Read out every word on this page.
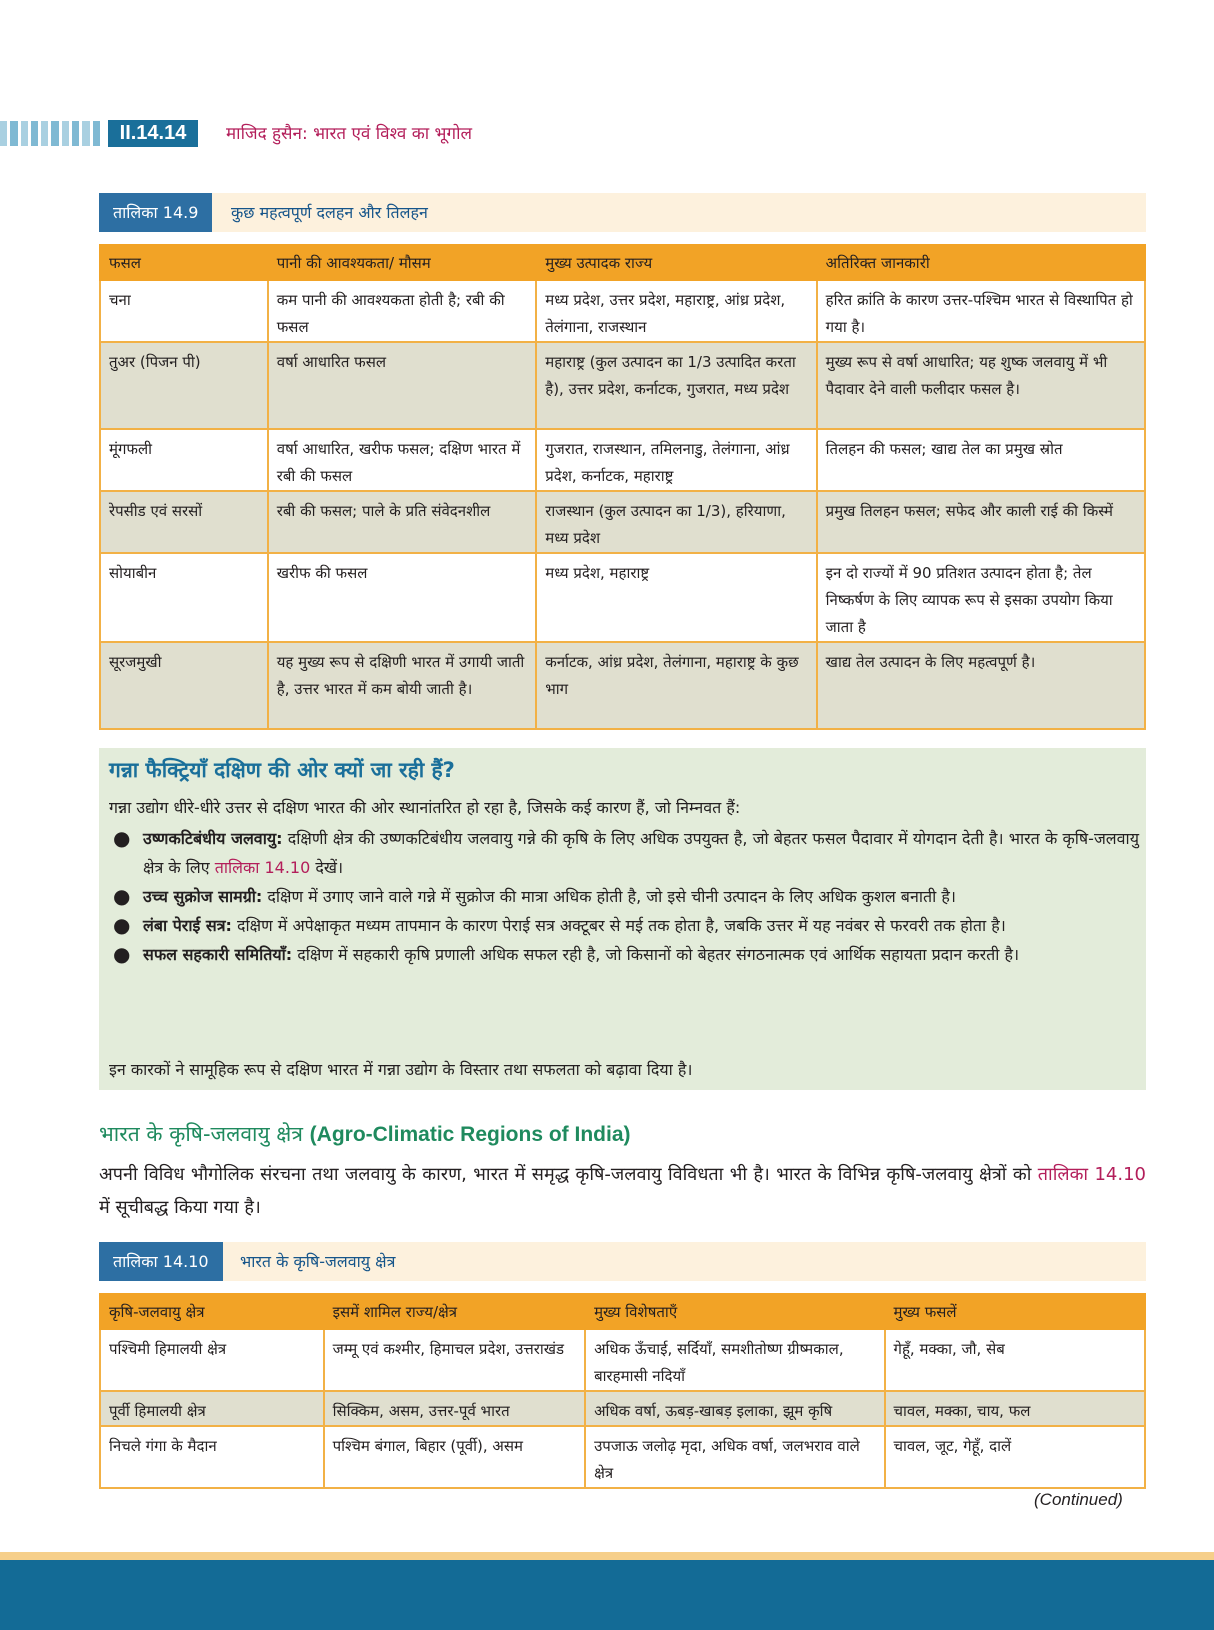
II.14.14	माजिद हुसैन: भारत एवं विश्व का भूगोल
तालिका 14.9	कुछ महत्वपूर्ण दलहन और तिलहन
फसल	पानी की आवश्यकता/ मौसम	मुख्य उत्पादक राज्य	अतिरिक्त जानकारी
चना	कम पानी की आवश्यकता होती है; रबी की फसल	मध्य प्रदेश, उत्तर प्रदेश, महाराष्ट्र, आंध्र प्रदेश, तेलंगाना, राजस्थान	हरित क्रांति के कारण उत्तर-पश्चिम भारत से विस्थापित हो गया है।
तुअर (पिजन पी)	वर्षा आधारित फसल	महाराष्ट्र (कुल उत्पादन का 1/3 उत्पादित करता है), उत्तर प्रदेश, कर्नाटक, गुजरात, मध्य प्रदेश	मुख्य रूप से वर्षा आधारित; यह शुष्क जलवायु में भी पैदावार देने वाली फलीदार फसल है।
मूंगफली	वर्षा आधारित, खरीफ फसल; दक्षिण भारत में रबी की फसल	गुजरात, राजस्थान, तमिलनाडु, तेलंगाना, आंध्र प्रदेश, कर्नाटक, महाराष्ट्र	तिलहन की फसल; खाद्य तेल का प्रमुख स्रोत
रेपसीड एवं सरसों	रबी की फसल; पाले के प्रति संवेदनशील	राजस्थान (कुल उत्पादन का 1/3), हरियाणा, मध्य प्रदेश	प्रमुख तिलहन फसल; सफेद और काली राई की किस्में
सोयाबीन	खरीफ की फसल	मध्य प्रदेश, महाराष्ट्र	इन दो राज्यों में 90 प्रतिशत उत्पादन होता है; तेल निष्कर्षण के लिए व्यापक रूप से इसका उपयोग किया जाता है
सूरजमुखी	यह मुख्य रूप से दक्षिणी भारत में उगायी जाती है, उत्तर भारत में कम बोयी जाती है।	कर्नाटक, आंध्र प्रदेश, तेलंगाना, महाराष्ट्र के कुछ भाग	खाद्य तेल उत्पादन के लिए महत्वपूर्ण है।
गन्ना फैक्ट्रियाँ दक्षिण की ओर क्यों जा रही हैं?
गन्ना उद्योग धीरे-धीरे उत्तर से दक्षिण भारत की ओर स्थानांतरित हो रहा है, जिसके कई कारण हैं, जो निम्नवत हैं:
● उष्णकटिबंधीय जलवायु: दक्षिणी क्षेत्र की उष्णकटिबंधीय जलवायु गन्ने की कृषि के लिए अधिक उपयुक्त है, जो बेहतर फसल पैदावार में योगदान देती है। भारत के कृषि-जलवायु क्षेत्र के लिए तालिका 14.10 देखें।
● उच्च सुक्रोज सामग्री: दक्षिण में उगाए जाने वाले गन्ने में सुक्रोज की मात्रा अधिक होती है, जो इसे चीनी उत्पादन के लिए अधिक कुशल बनाती है।
● लंबा पेराई सत्र: दक्षिण में अपेक्षाकृत मध्यम तापमान के कारण पेराई सत्र अक्टूबर से मई तक होता है, जबकि उत्तर में यह नवंबर से फरवरी तक होता है।
● सफल सहकारी समितियाँ: दक्षिण में सहकारी कृषि प्रणाली अधिक सफल रही है, जो किसानों को बेहतर संगठनात्मक एवं आर्थिक सहायता प्रदान करती है।
इन कारकों ने सामूहिक रूप से दक्षिण भारत में गन्ना उद्योग के विस्तार तथा सफलता को बढ़ावा दिया है।
भारत के कृषि-जलवायु क्षेत्र (Agro-Climatic Regions of India)
अपनी विविध भौगोलिक संरचना तथा जलवायु के कारण, भारत में समृद्ध कृषि-जलवायु विविधता भी है। भारत के विभिन्न कृषि-जलवायु क्षेत्रों को तालिका 14.10 में सूचीबद्ध किया गया है।
तालिका 14.10	भारत के कृषि-जलवायु क्षेत्र
कृषि-जलवायु क्षेत्र	इसमें शामिल राज्य/क्षेत्र	मुख्य विशेषताएँ	मुख्य फसलें
पश्चिमी हिमालयी क्षेत्र	जम्मू एवं कश्मीर, हिमाचल प्रदेश, उत्तराखंड	अधिक ऊँचाई, सर्दियाँ, समशीतोष्ण ग्रीष्मकाल, बारहमासी नदियाँ	गेहूँ, मक्का, जौ, सेब
पूर्वी हिमालयी क्षेत्र	सिक्किम, असम, उत्तर-पूर्व भारत	अधिक वर्षा, ऊबड़-खाबड़ इलाका, झूम कृषि	चावल, मक्का, चाय, फल
निचले गंगा के मैदान	पश्चिम बंगाल, बिहार (पूर्वी), असम	उपजाऊ जलोढ़ मृदा, अधिक वर्षा, जलभराव वाले क्षेत्र	चावल, जूट, गेहूँ, दालें
(Continued)
